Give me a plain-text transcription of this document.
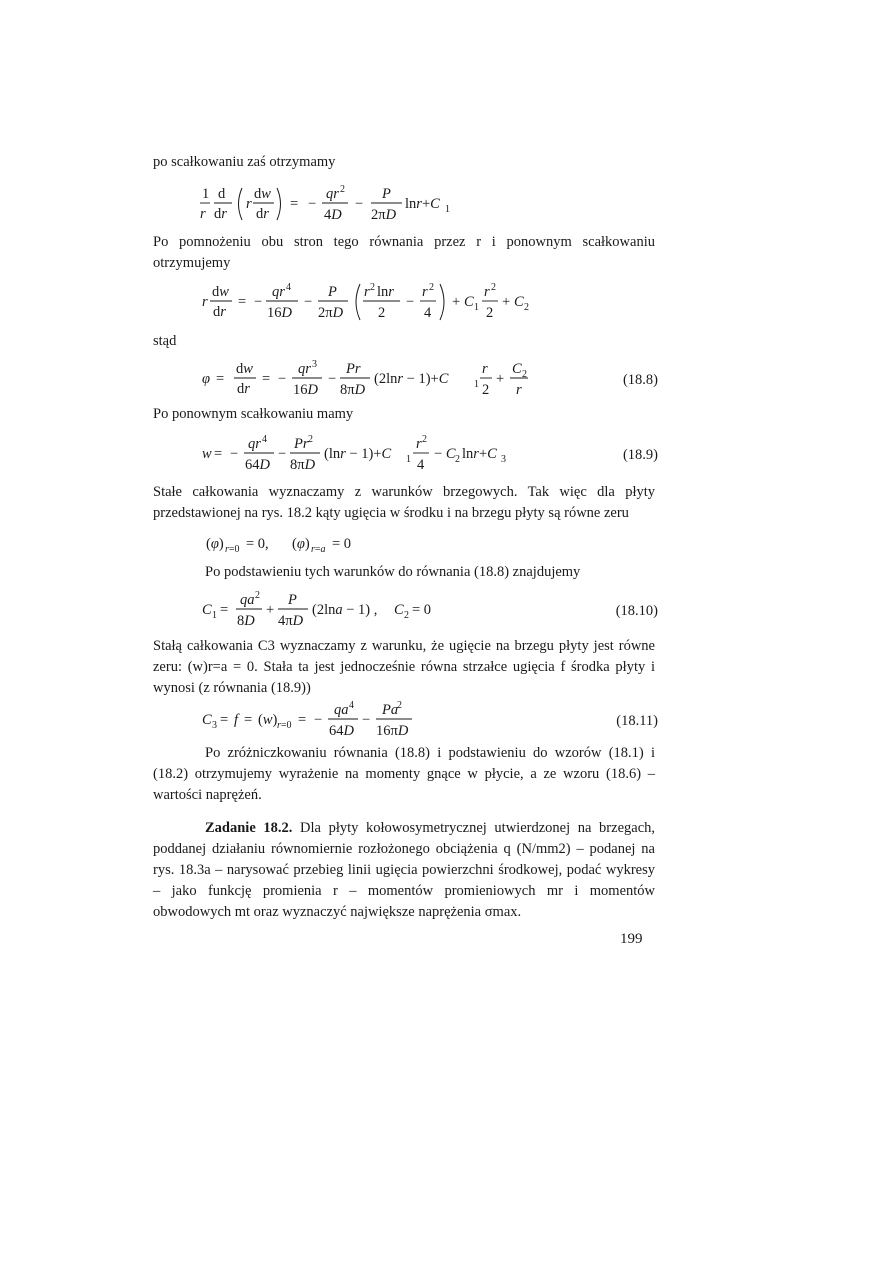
po scałkowaniu zaś otrzymamy
1
r
d
dr
r
dw
dr
= −
qr 2
4D
−
P
2πD
lnr+C 1
Po pomnożeniu obu stron tego równania przez r i ponownym scałkowaniu otrzymujemy
r
dw
dr
= −
qr 4
16D
−
P
2πD
r 2 lnr
2
−
r 2
4
+ C 1
r 2
2
+ C 2
stąd
φ =
dw
dr
= −
qr 3
16D
−
Pr
8πD
(2lnr − 1)+C	1
r
2
+
C 2
r
(18.8)
Po ponownym scałkowaniu mamy
w = −
qr 4
64D
−
Pr 2
8πD
(lnr − 1)+C 1
r 2
4
− C 2 lnr+C 3	(18.9)
Stałe całkowania wyznaczamy z warunków brzegowych. Tak więc dla płyty przedstawionej na rys. 18.2 kąty ugięcia w środku i na brzegu płyty są równe zeru
(φ) r=0 = 0, (φ) r=a = 0
Po podstawieniu tych warunków do równania (18.8) znajdujemy
C 1 =
qa 2
8D
+
P
4πD
(2lna − 1) , C 2 = 0	(18.10)
Stałą całkowania C3 wyznaczamy z warunku, że ugięcie na brzegu płyty jest równe zeru: (w)r=a = 0. Stała ta jest jednocześnie równa strzałce ugięcia f środka płyty i wynosi (z równania (18.9))
C 3 = f = (w) r=0 = −
qa 4
64D
−
Pa
2
16πD
(18.11)
Po zróżniczkowaniu równania (18.8) i podstawieniu do wzorów (18.1) i (18.2) otrzymujemy wyrażenie na momenty gnące w płycie, a ze wzoru (18.6) – wartości naprężeń.
Zadanie 18.2. Dla płyty kołowosymetrycznej utwierdzonej na brzegach, poddanej działaniu równomiernie rozłożonego obciążenia q (N/mm2) – podanej na rys. 18.3a – narysować przebieg linii ugięcia powierzchni środkowej, podać wykresy – jako funkcję promienia r – momentów promieniowych mr i momentów obwodowych mt oraz wyznaczyć największe naprężenia σmax.
199
